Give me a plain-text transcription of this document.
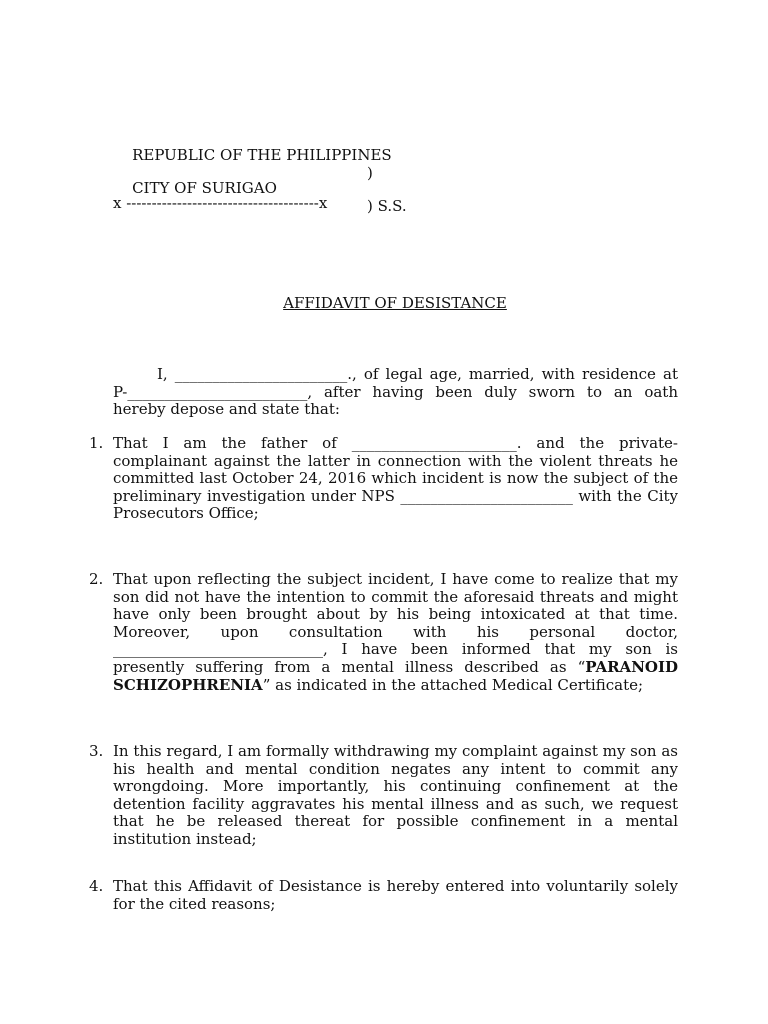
REPUBLIC OF THE PHILIPPINES

)

CITY OF SURIGAO

) S.S.

x --------------------------------------x
AFFIDAVIT OF DESISTANCE
I, _______________________., of legal age, married, with residence at P-________________________, after having been duly sworn to an oath hereby depose and state that:
1. That I am the father of ______________________. and the private-complainant against the latter in connection with the violent threats he committed last October 24, 2016 which incident is now the subject of the preliminary investigation under NPS _______________________ with the City Prosecutors Office;
2. That upon reflecting the subject incident, I have come to realize that my son did not have the intention to commit the aforesaid threats and might have only been brought about by his being intoxicated at that time. Moreover, upon consultation with his personal doctor, ____________________________, I have been informed that my son is presently suffering from a mental illness described as “PARANOID SCHIZOPHRENIA” as indicated in the attached Medical Certificate;
3. In this regard, I am formally withdrawing my complaint against my son as his health and mental condition negates any intent to commit any wrongdoing. More importantly, his continuing confinement at the detention facility aggravates his mental illness and as such, we request that he be released thereat for possible confinement in a mental institution instead;
4. That this Affidavit of Desistance is hereby entered into voluntarily solely for the cited reasons;
